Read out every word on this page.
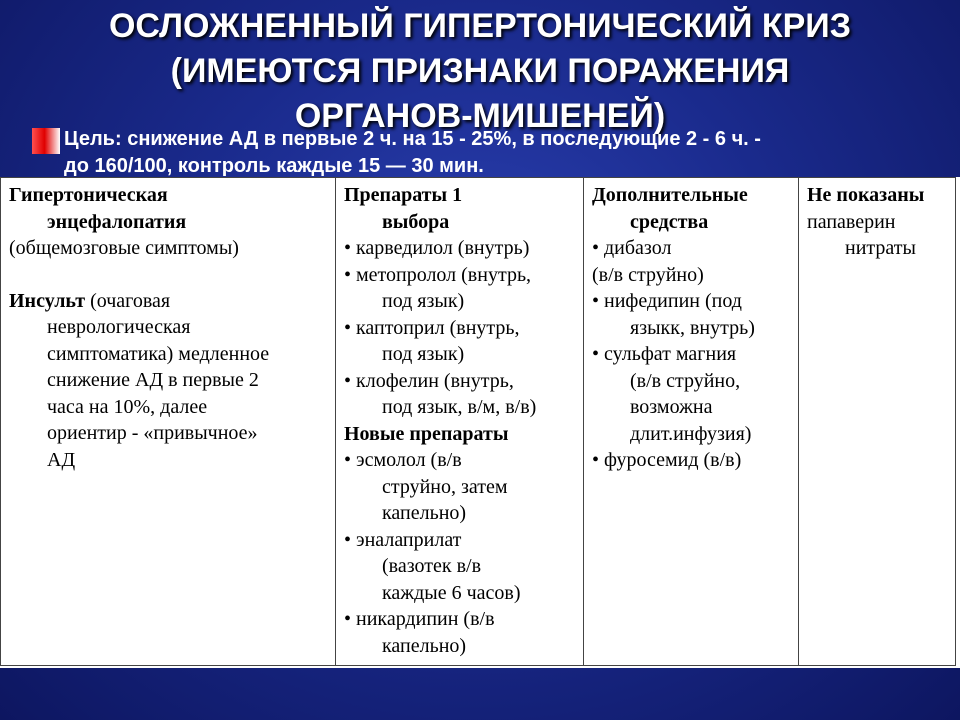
ОСЛОЖНЕННЫЙ ГИПЕРТОНИЧЕСКИЙ КРИЗ
(ИМЕЮТСЯ ПРИЗНАКИ ПОРАЖЕНИЯ
ОРГАНОВ-МИШЕНЕЙ)
Цель: снижение АД в первые 2 ч. на 15 - 25%, в последующие 2 - 6 ч. -
до 160/100, контроль каждые 15 — 30 мин.
Гипертоническая
энцефалопатия
(общемозговые симптомы)
Инсульт (очаговая
неврологическая
симптоматика) медленное
снижение АД в первые 2
часа на 10%, далее
ориентир - «привычное»
АД

Препараты 1
выбора
• карведилол (внутрь)
• метопролол (внутрь,
под язык)
• каптоприл (внутрь,
под язык)
• клофелин (внутрь,
под язык, в/м, в/в)
Новые препараты
• эсмолол (в/в
струйно, затем
капельно)
• эналаприлат
(вазотек в/в
каждые 6 часов)
• никардипин (в/в
капельно)

Дополнительные
средства
• дибазол
(в/в струйно)
• нифедипин (под
языкк, внутрь)
• сульфат магния
(в/в струйно,
возможна
длит.инфузия)
• фуросемид (в/в)

Не показаны
папаверин
нитраты
